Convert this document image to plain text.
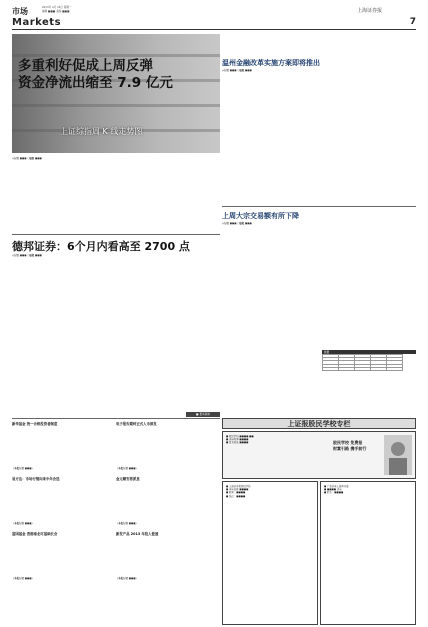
市场	2013年 4月 16日 星期一
编辑 ■■■ 美编 ■■■	上海证券报
Markets	7
多重利好促成上周反弹
资金净流出缩至 7.9 亿元
上证综指周 K 线走势图
◎记者 ■■■ ○编辑 ■■■
德邦证券：6个月内看高至 2700 点
◎记者 ■■■ ○编辑 ■■■
温州金融改革实施方案即将推出
◎记者 ■■■ ○编辑 ■■■
上周大宗交易额有所下降
◎记者 ■■■ ○编辑 ■■■
数据

■ 更多新闻
新华基金 统一合格投资者制度
（本报记者 ■■■）
易方达：市场行情向来中年会选
（本报记者 ■■■）
富国基金 香港南北可基础长会
（本报记者 ■■■）
电子报告期转正式入市深发
（本报记者 ■■■）
金元顺安将派息
（本报记者 ■■■）
新发产品 2013 年投入使速
（本报记者 ■■■）
上证报股民学校专栏
■ 股民学校 ■■■■ ■■
■ 讲座时间 ■■■■
■ 报名地址 ■■■■	股民学校 免费报
财富引路 携手前行
■ 上海证券报股民学校
■ 讲座安排 ■■■■
■ 时间：■■■■
■ 地点：■■■■
■ 广发证券上海营业部
■ ■■■■ 讲座
■ 联系：■■■■
